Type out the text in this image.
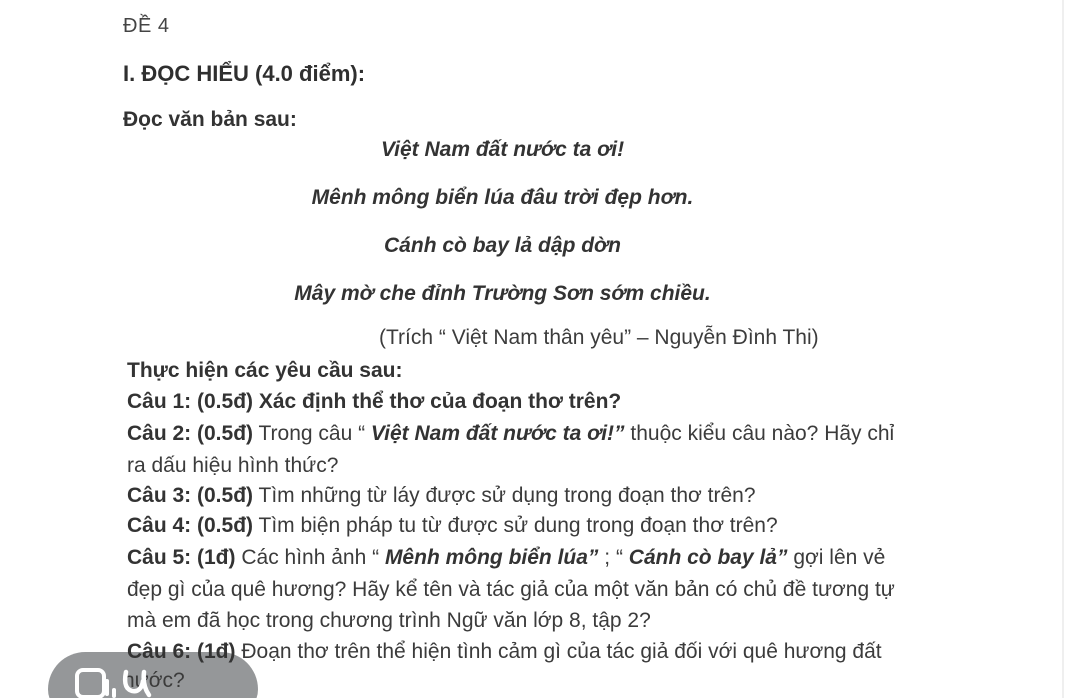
ĐỀ 4

I. ĐỌC HIỂU (4.0 điểm):

Đọc văn bản sau:

Việt Nam đất nước ta ơi!

Mênh mông biển lúa đâu trời đẹp hơn.

Cánh cò bay lả dập dờn

Mây mờ che đỉnh Trường Sơn sớm chiều.

(Trích “ Việt Nam thân yêu” – Nguyễn Đình Thi)

Thực hiện các yêu cầu sau:

Câu 1: (0.5đ) Xác định thể thơ của đoạn thơ trên?

Câu 2: (0.5đ) Trong câu “ Việt Nam đất nước ta ơi!” thuộc kiểu câu nào? Hãy chỉ

ra dấu hiệu hình thức?

Câu 3: (0.5đ) Tìm những từ láy được sử dụng trong đoạn thơ trên?

Câu 4: (0.5đ) Tìm biện pháp tu từ được sử dung trong đoạn thơ trên?

Câu 5: (1đ) Các hình ảnh “ Mênh mông biển lúa” ; “ Cánh cò bay lả” gợi lên vẻ

đẹp gì của quê hương? Hãy kể tên và tác giả của một văn bản có chủ đề tương tự

mà em đã học trong chương trình Ngữ văn lớp 8, tập 2?

Câu 6: (1đ) Đoạn thơ trên thể hiện tình cảm gì của tác giả đối với quê hương đất

nước?
